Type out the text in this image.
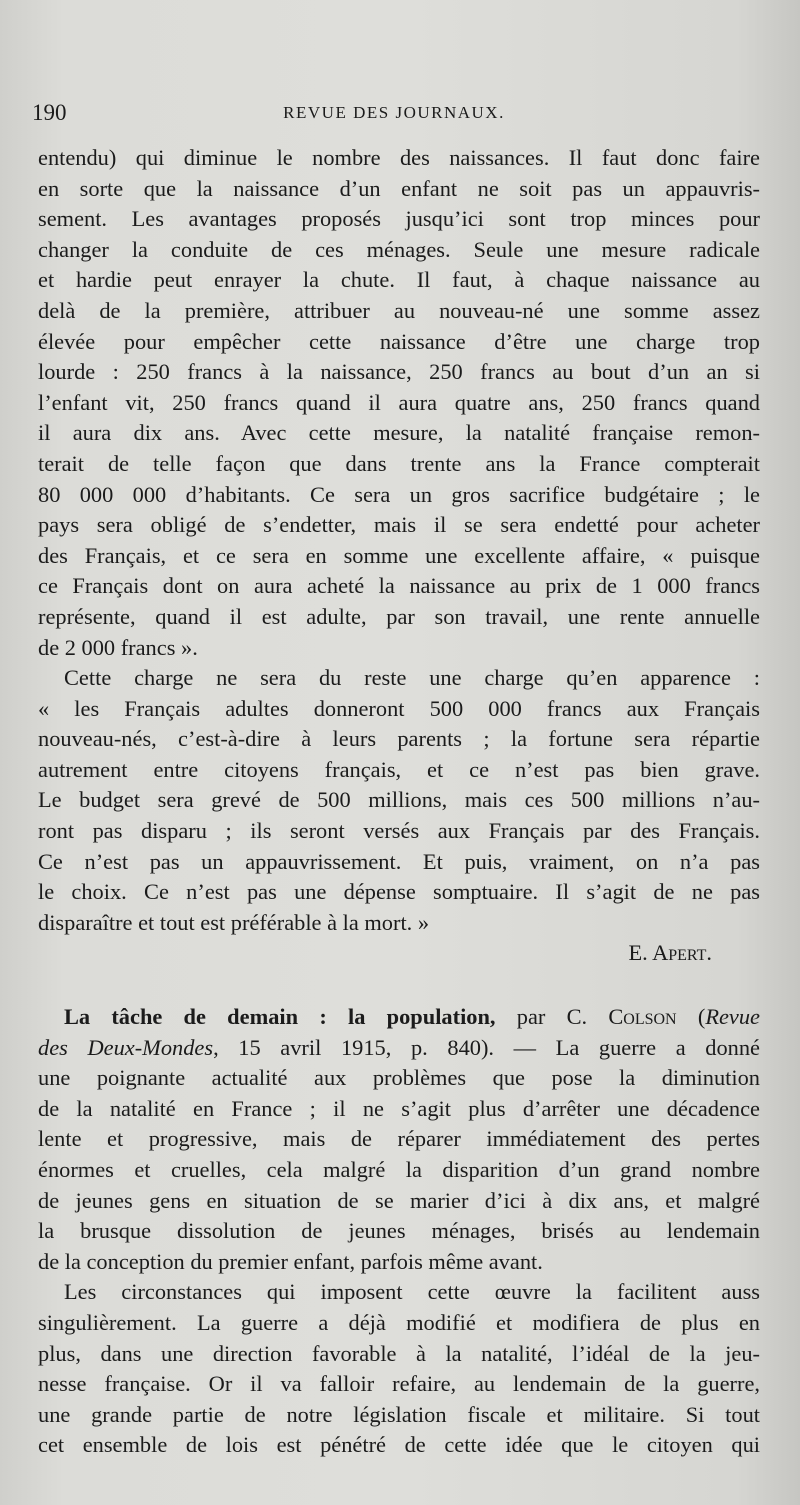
190	REVUE DES JOURNAUX.
entendu) qui diminue le nombre des naissances. Il faut donc faire
en sorte que la naissance d’un enfant ne soit pas un appauvris-
sement. Les avantages proposés jusqu’ici sont trop minces pour
changer la conduite de ces ménages. Seule une mesure radicale
et hardie peut enrayer la chute. Il faut, à chaque naissance au
delà de la première, attribuer au nouveau-né une somme assez
élevée pour empêcher cette naissance d’être une charge trop
lourde : 250 francs à la naissance, 250 francs au bout d’un an si
l’enfant vit, 250 francs quand il aura quatre ans, 250 francs quand
il aura dix ans. Avec cette mesure, la natalité française remon-
terait de telle façon que dans trente ans la France compterait
80 000 000 d’habitants. Ce sera un gros sacrifice budgétaire ; le
pays sera obligé de s’endetter, mais il se sera endetté pour acheter
des Français, et ce sera en somme une excellente affaire, « puisque
ce Français dont on aura acheté la naissance au prix de 1 000 francs
représente, quand il est adulte, par son travail, une rente annuelle
de 2 000 francs ».
Cette charge ne sera du reste une charge qu’en apparence :
« les Français adultes donneront 500 000 francs aux Français
nouveau-nés, c’est-à-dire à leurs parents ; la fortune sera répartie
autrement entre citoyens français, et ce n’est pas bien grave.
Le budget sera grevé de 500 millions, mais ces 500 millions n’au-
ront pas disparu ; ils seront versés aux Français par des Français.
Ce n’est pas un appauvrissement. Et puis, vraiment, on n’a pas
le choix. Ce n’est pas une dépense somptuaire. Il s’agit de ne pas
disparaître et tout est préférable à la mort. »
E. Apert.
La tâche de demain : la population, par C. Colson (Revue
des Deux-Mondes, 15 avril 1915, p. 840). — La guerre a donné
une poignante actualité aux problèmes que pose la diminution
de la natalité en France ; il ne s’agit plus d’arrêter une décadence
lente et progressive, mais de réparer immédiatement des pertes
énormes et cruelles, cela malgré la disparition d’un grand nombre
de jeunes gens en situation de se marier d’ici à dix ans, et malgré
la brusque dissolution de jeunes ménages, brisés au lendemain
de la conception du premier enfant, parfois même avant.
Les circonstances qui imposent cette œuvre la facilitent auss
singulièrement. La guerre a déjà modifié et modifiera de plus en
plus, dans une direction favorable à la natalité, l’idéal de la jeu-
nesse française. Or il va falloir refaire, au lendemain de la guerre,
une grande partie de notre législation fiscale et militaire. Si tout
cet ensemble de lois est pénétré de cette idée que le citoyen qui
